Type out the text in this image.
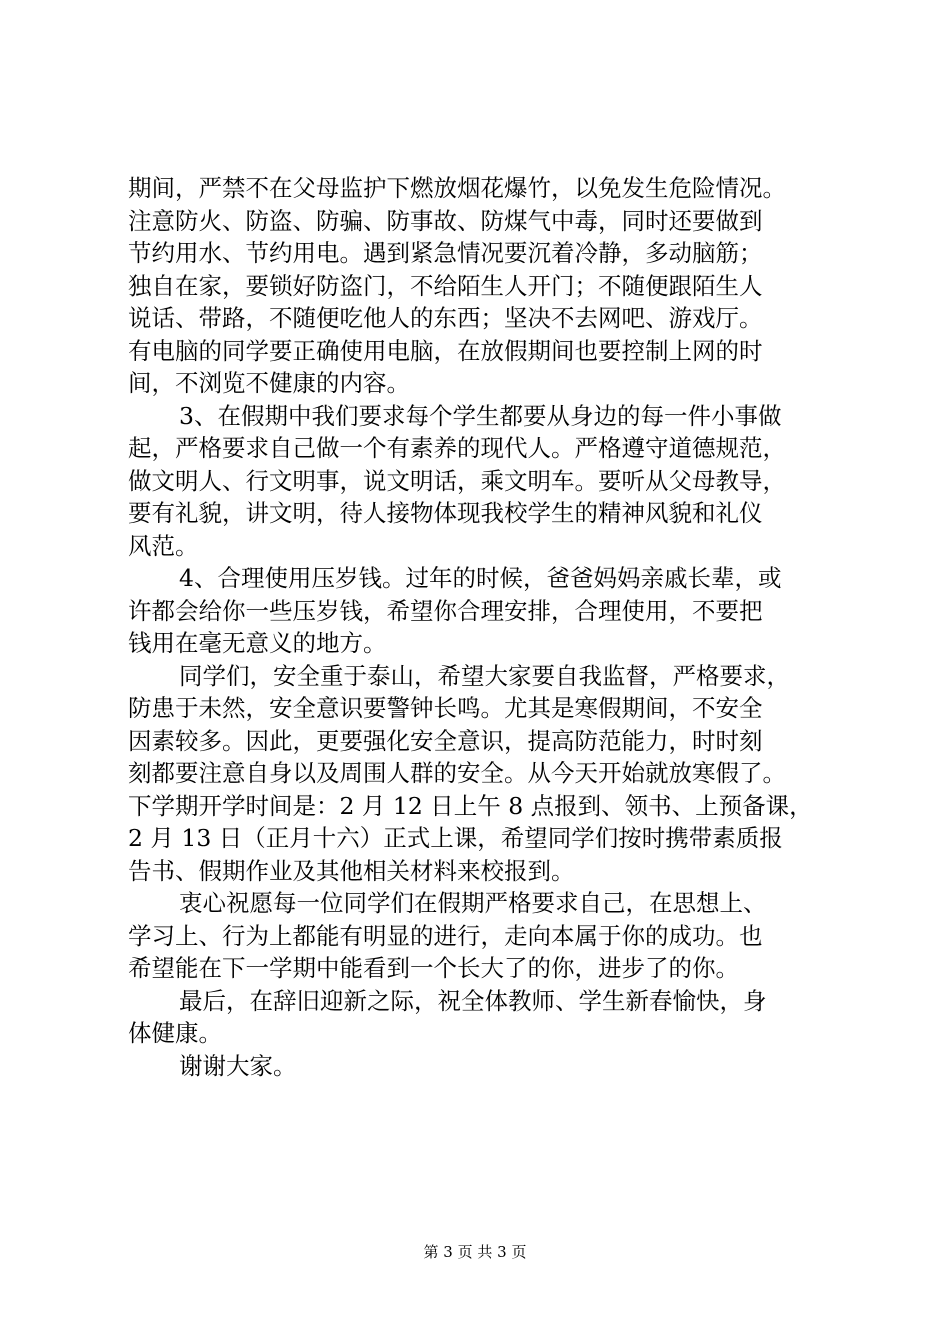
期间，严禁不在父母监护下燃放烟花爆竹，以免发生危险情况。
注意防火、防盗、防骗、防事故、防煤气中毒，同时还要做到
节约用水、节约用电。遇到紧急情况要沉着冷静，多动脑筋；
独自在家，要锁好防盗门，不给陌生人开门；不随便跟陌生人
说话、带路，不随便吃他人的东西；坚决不去网吧、游戏厅。
有电脑的同学要正确使用电脑，在放假期间也要控制上网的时
间，不浏览不健康的内容。
3、在假期中我们要求每个学生都要从身边的每一件小事做
起，严格要求自己做一个有素养的现代人。严格遵守道德规范，
做文明人、行文明事，说文明话，乘文明车。要听从父母教导，
要有礼貌，讲文明，待人接物体现我校学生的精神风貌和礼仪
风范。
4、合理使用压岁钱。过年的时候，爸爸妈妈亲戚长辈，或
许都会给你一些压岁钱，希望你合理安排，合理使用，不要把
钱用在毫无意义的地方。
同学们，安全重于泰山，希望大家要自我监督，严格要求，
防患于未然，安全意识要警钟长鸣。尤其是寒假期间，不安全
因素较多。因此，更要强化安全意识，提高防范能力，时时刻
刻都要注意自身以及周围人群的安全。从今天开始就放寒假了。
下学期开学时间是：2 月 12 日上午 8 点报到、领书、上预备课，
2 月 13 日（正月十六）正式上课，希望同学们按时携带素质报
告书、假期作业及其他相关材料来校报到。
衷心祝愿每一位同学们在假期严格要求自己，在思想上、
学习上、行为上都能有明显的进行，走向本属于你的成功。也
希望能在下一学期中能看到一个长大了的你，进步了的你。
最后，在辞旧迎新之际，祝全体教师、学生新春愉快，身
体健康。
谢谢大家。
第 3 页 共 3 页
